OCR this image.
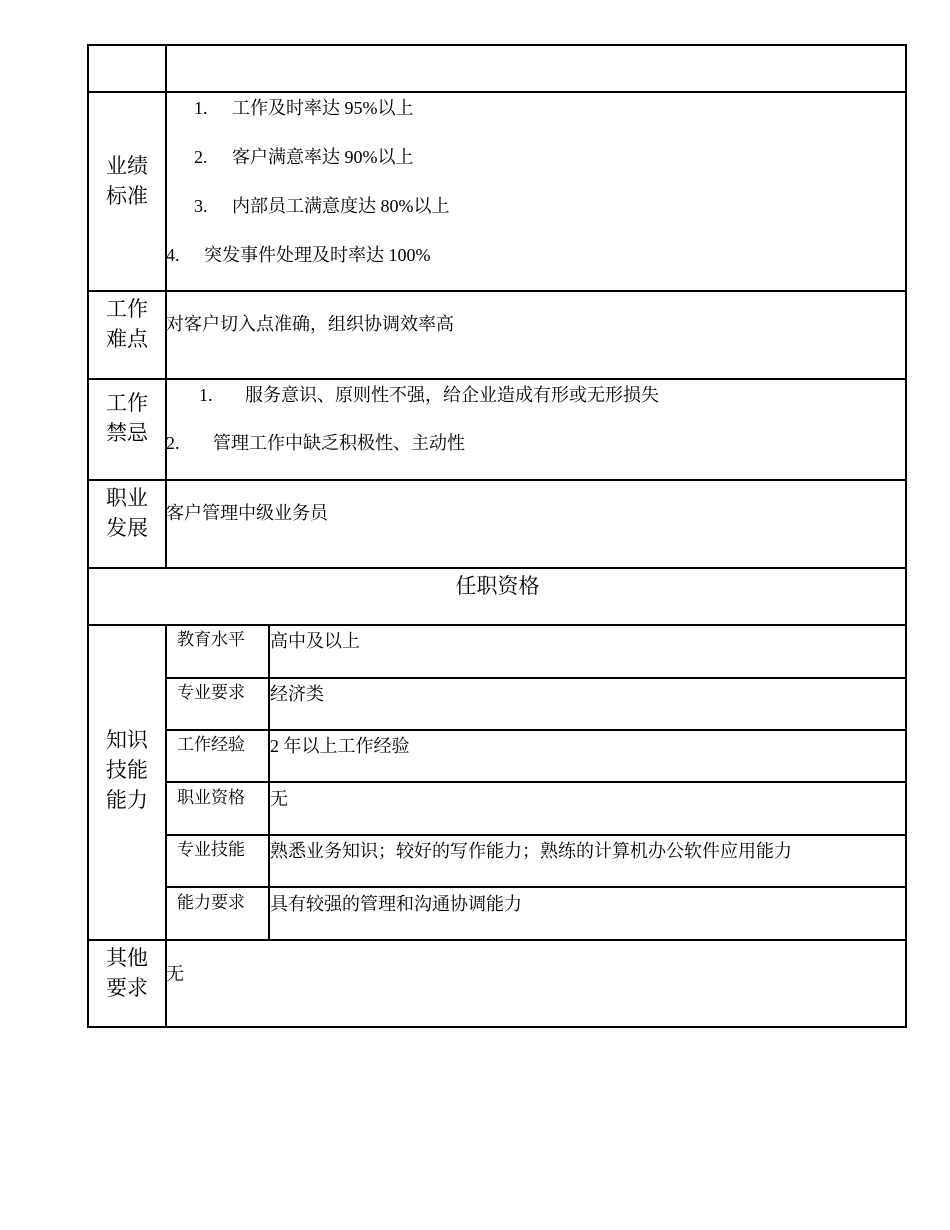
业绩标准
1. 工作及时率达 95%以上
2. 客户满意率达 90%以上
3. 内部员工满意度达 80%以上
4. 突发事件处理及时率达 100%
工作难点
对客户切入点准确，组织协调效率高
工作禁忌
1. 服务意识、原则性不强，给企业造成有形或无形损失
2. 管理工作中缺乏积极性、主动性
职业发展
客户管理中级业务员
任职资格
知识技能能力
教育水平 高中及以上
专业要求 经济类
工作经验 2 年以上工作经验
职业资格 无
专业技能 熟悉业务知识；较好的写作能力；熟练的计算机办公软件应用能力
能力要求 具有较强的管理和沟通协调能力
其他要求
无
